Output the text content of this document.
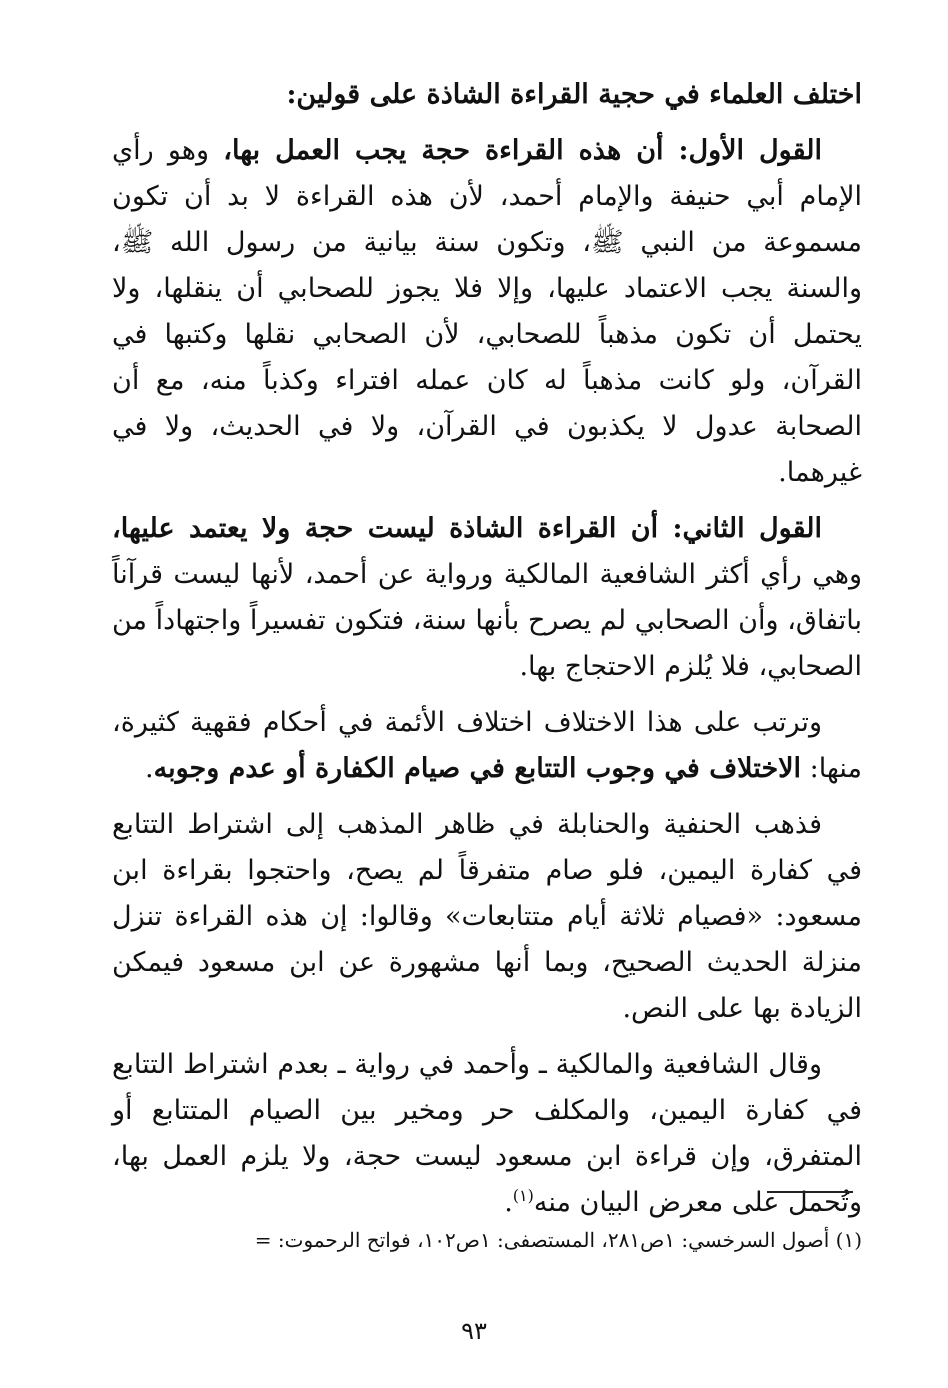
اختلف العلماء في حجية القراءة الشاذة على قولين:

القول الأول: أن هذه القراءة حجة يجب العمل بها، وهو رأي الإمام أبي حنيفة والإمام أحمد، لأن هذه القراءة لا بد أن تكون مسموعة من النبي ﷺ، وتكون سنة بيانية من رسول الله ﷺ، والسنة يجب الاعتماد عليها، وإلا فلا يجوز للصحابي أن ينقلها، ولا يحتمل أن تكون مذهباً للصحابي، لأن الصحابي نقلها وكتبها في القرآن، ولو كانت مذهباً له كان عمله افتراء وكذباً منه، مع أن الصحابة عدول لا يكذبون في القرآن، ولا في الحديث، ولا في غيرهما.

القول الثاني: أن القراءة الشاذة ليست حجة ولا يعتمد عليها، وهي رأي أكثر الشافعية المالكية ورواية عن أحمد، لأنها ليست قرآناً باتفاق، وأن الصحابي لم يصرح بأنها سنة، فتكون تفسيراً واجتهاداً من الصحابي، فلا يُلزم الاحتجاج بها.

وترتب على هذا الاختلاف اختلاف الأئمة في أحكام فقهية كثيرة، منها: الاختلاف في وجوب التتابع في صيام الكفارة أو عدم وجوبه.

فذهب الحنفية والحنابلة في ظاهر المذهب إلى اشتراط التتابع في كفارة اليمين، فلو صام متفرقاً لم يصح، واحتجوا بقراءة ابن مسعود: «فصيام ثلاثة أيام متتابعات» وقالوا: إن هذه القراءة تنزل منزلة الحديث الصحيح، وبما أنها مشهورة عن ابن مسعود فيمكن الزيادة بها على النص.

وقال الشافعية والمالكية ـ وأحمد في رواية ـ بعدم اشتراط التتابع في كفارة اليمين، والمكلف حر ومخير بين الصيام المتتابع أو المتفرق، وإن قراءة ابن مسعود ليست حجة، ولا يلزم العمل بها، وتُحمل على معرض البيان منه$^{(١)}$.

(١) أصول السرخسي: ١ص٢٨١، المستصفى: ١ص١٠٢، فواتح الرحموت: =
٩٣
